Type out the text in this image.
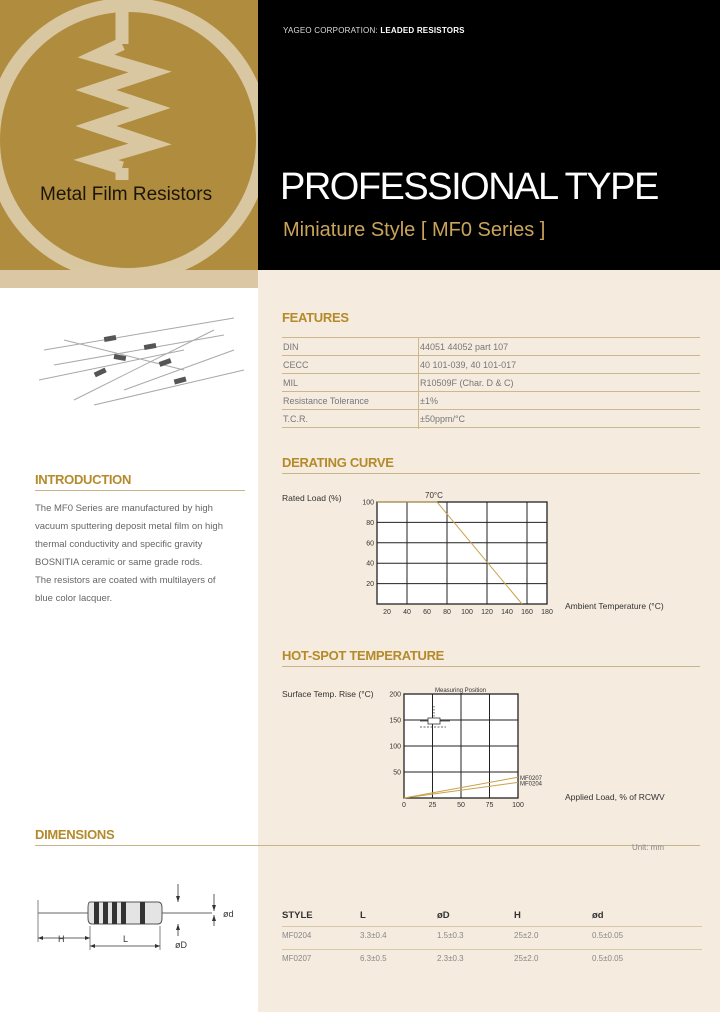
Metal Film Resistors
YAGEO CORPORATION: LEADED RESISTORS
PROFESSIONAL TYPE
Miniature Style [ MF0 Series ]
FEATURES
DIN	44051 44052 part 107
CECC	40 101-039, 40 101-017
MIL	R10509F (Char. D & C)
Resistance Tolerance	±1%
T.C.R.	±50ppm/°C
INTRODUCTION
The MF0 Series are manufactured by high
vacuum sputtering deposit metal film on high
thermal conductivity and specific gravity
BOSNITIA ceramic or same grade rods.
The resistors are coated with multilayers of
blue color lacquer.
DERATING CURVE
Rated Load (%)
Ambient Temperature (°C)
20 40 60 80 100 120 140 160 180
100
80
60
40
20
70°C
HOT-SPOT TEMPERATURE
Surface Temp. Rise (°C)
Applied Load, % of RCWV
MF0207
MF0204
0	25	50	75	100
200
150
100
50
Measuring Position
DIMENSIONS
Unit: mm
ød
øD
H	L
STYLE	L	øD	H	ød
MF0204	3.3±0.4	1.5±0.3	25±2.0	0.5±0.05
MF0207	6.3±0.5	2.3±0.3	25±2.0	0.5±0.05
